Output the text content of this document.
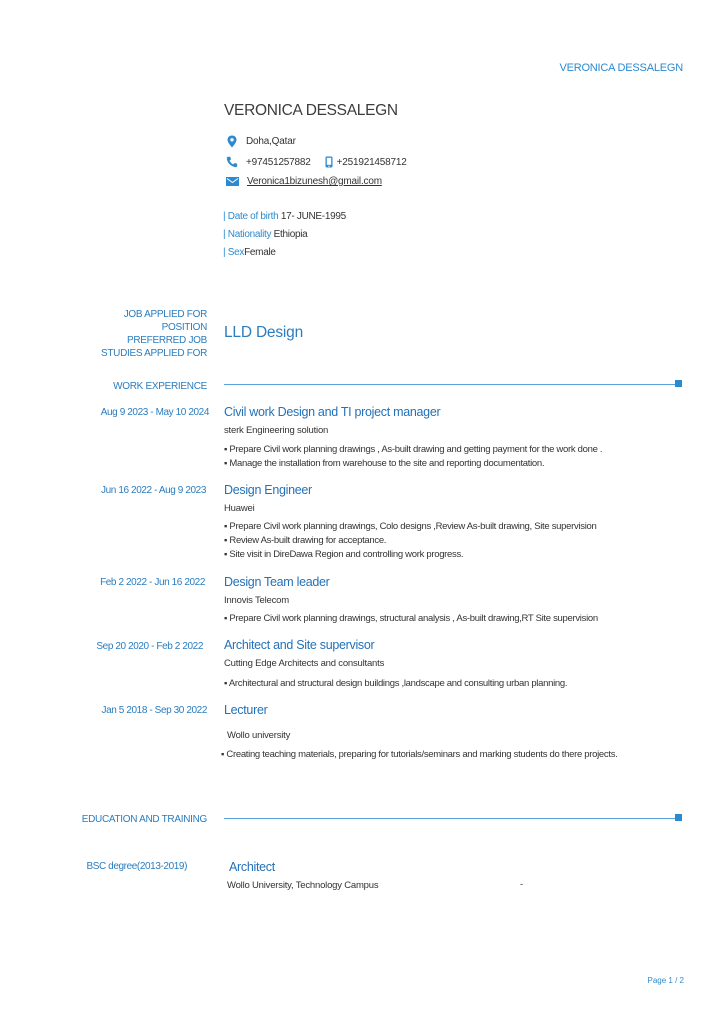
VERONICA DESSALEGN
VERONICA DESSALEGN
Doha,Qatar
+97451257882	+251921458712
Veronica1bizunesh@gmail.com
| Date of birth 17- JUNE-1995
| Nationality Ethiopia
| SexFemale
JOB APPLIED FOR
POSITION
PREFERRED JOB
STUDIES APPLIED FOR
LLD Design
WORK EXPERIENCE
Aug 9 2023 - May 10 2024 Civil work Design and TI project manager
sterk Engineering solution
▪ Prepare Civil work planning drawings , As-built drawing and getting payment for the work done .
▪ Manage the installation from warehouse to the site and reporting documentation.
Jun 16 2022 - Aug 9 2023 Design Engineer
Huawei
▪ Prepare Civil work planning drawings, Colo designs ,Review As-built drawing, Site supervision
▪ Review As-built drawing for acceptance.
▪ Site visit in DireDawa Region and controlling work progress.
Feb 2 2022 - Jun 16 2022 Design Team leader
Innovis Telecom
▪ Prepare Civil work planning drawings, structural analysis , As-built drawing,RT Site supervision
Sep 20 2020 - Feb 2 2022 Architect and Site supervisor
Cutting Edge Architects and consultants
▪ Architectural and structural design buildings ,landscape and consulting urban planning.
Jan 5 2018 - Sep 30 2022 Lecturer
Wollo university
▪ Creating teaching materials, preparing for tutorials/seminars and marking students do there projects.
EDUCATION AND TRAINING
BSC degree(2013-2019)	Architect
Wollo University, Technology Campus	-
Page 1 / 2
